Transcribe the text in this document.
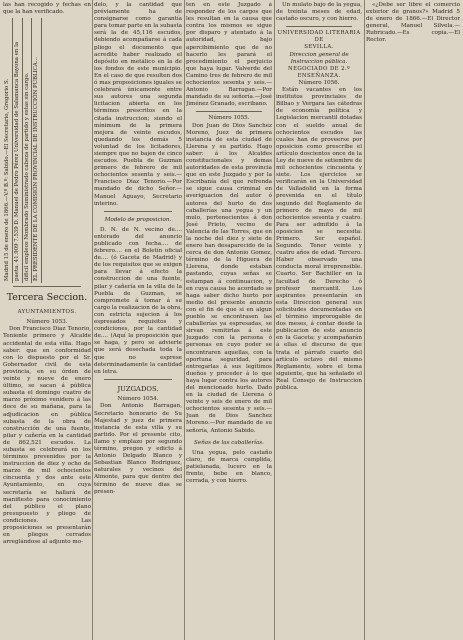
las han recogido y fechas en que la han verificado.

Madrid 15 de enero de 1866.—V.º B.º: Sabido.—El Secretario, Gregorio S.
paeta. 41.909 7.539 D. Manuel de Pedro Pérez Universidad de Salamanca Bayona en la
dificil empleos Nombrado Suministrado cabeza de partido y estas sin cargo.
EL PRESIDENTE DE LA COMISIÓN PROVINCIAL DE INSTRUCCIÓN PÚBLICA...
Tercera Seccion.
AYUNTAMIENTOS.
Número 1053.

Don Francisco Diaz Tenorio, Teniente primero y Alcalde accidental de esta villa. Hago saber: que en conformidad con lo dispuesto por el Sr. Gobernador civil de esta provincia, en su órden de veinte y nueve de enero último, se sacan á pública subasta el domingo cuatro de marzo próximo venidero á las doce de su mañana, para la adjudicacion en pública subasta de la obra de construcción de una fuente, pilar y cañería en la cantidad de 862,521 escudos. La subasta se celebrará en los términos prevenidos por la instruccion de diez y ocho de marzo de mil ochocientos cincuenta y dos ante este Ayuntamiento, en cuya secretaría se hallará de manifiesto para conocimiento del público el plano presupuesto y pliego de condiciones. Las proposiciones se presentarán en pliegos cerrados arreglándose al adjunto mo-

delo, y la cantidad que préviamente ha de consignarse como garantía para tomar parte en la subasta será la de 45,116 escudos, debiendo acompañarse á cada pliego el documento que acredite haber realizado el depósito en metálico en la de los fondos de este municipio. En el caso de que resulten dos ó mas proposiciones iguales se celebrará únicamente entre sus autores una segunda licitacion abierta en los términos prescritos en la citada instruccion; siendo el mínimum de la primera mejora de veinte escudos, quedando los demás 5 voluntad de los licitadores, siempre que no bajen de cinco escudos. Puebla de Guzman primero de febrero de mil ochocientos sesenta y seis.—Francisco Diaz Tenorio.—Por mandado de dicho Señor.—Manuel Aguayo, Secretario interino.

Modelo de proposicion.

D. N. de N. vecino de.... enterado del anuncio publicado con fecha.... de febrero.... en el Boletín oficial de.... (ó Gaceta de Madrid) y de los requisitos que se exigen para llevar á efecto la construccion de una fuente, pilar y cañería en la villa de la Puebla de Guzman, se compromete á tomar á su cargo la realizacion de la obra, con estricta sujecion á los espresados requisitos y condiciones, por la cantidad de.... (Aquí la proposición que se haga, y pero se advierte que será desechada toda la que no esprese determinadamente la cantidad en letra.

JUZGADOS.
Número 1054.

Don Antonio Barragan, Secretario honorario de Su Majestad y juez de primera instancia de esta villa y su partido. Por el presente cito, llamo y emplazo por segundo término, pregon y edicto á Antonio Delgado Blanco y Sebastian Blanco Rodriguez, naturales y vecinos del Almonte, para que dentro del término de nueve dias se presen-

ten en este Juzgado á responder de los cargos que les resultan en la causa que contra los mismos se sigue por disparo y atentado á la autoridad, bajo apercibimiento que de no hacerlo les parará el procedimiento el perjuicio que haya lugar. Valverde del Camino tres de febrero de mil ochocientos sesenta y seis.—Antonio Barragan.—Por mandado de su señoría.—José Jiménez Granado, escribano.

Número 1055.

Don Juan de Dios Sanchez Moreno, Juez de primera instancia de esta ciudad de Llerena y su partido. Hago saber: á los Alcaldes constitucionales y demas autoridades de esta provincia que en este Juzgado y por la Escribanía del que refrenda se sigue causa criminal en averiguacion del autor ó autores del hurto de dos caballerías una yegua y un mulo, pertenecientes á don José Prieto, vecino de Valencia de las Torres, que en la noche del diez y siete de enero han desaparecido de la cerca de don Antonio Gomez, término de la Higuera de Llerena, donde estaban pastando, cuyas señas se estampan á continuacion, y en cuya causa he acordado se haga saber dicho hurto por medio del presente anuncio con el fin de que si en algun pueblo se encontrasen las caballerías ya espresadas, se sirvan remitirlas á este Juzgado con la persona ó personas en cuyo poder se encontraren aquellas, con la oportuna seguridad, para entregarlas á sus legítimos dueños y proceder á lo que haya lugar contra los autores del mencionado hurto. Dado en la ciudad de Llerena ó veinte y seis de enero de mil ochocientos sesenta y seis.—Juan de Dios Sanchez Moreno.—Por mandado de su señoría, Antonio Sabido.

Señas de las caballerías.

Una yegua, pelo castaño claro, de marca cumplida, patielanada, lucero en la frente, bebe en blanco, cerrada, y con hierro.

Un mulato bajo de la yegua, de treinta meses de edad, castaño oscuro, y con hierro.

UNIVERSIDAD LITERARIA DE
SEVILLA.
Direccion general de Instruccion pública.
NEGOCIADO DE 2.º ENSEÑANZA.
Número 1056.

Están vacantes en los institutos provinciales de Bilbao y Vergara las cátedras de economía política y Legislacion mercantil dotadas con el sueldo anual de ochocientos escudos las cuales han de proveerse por oposicion como prescribe el artículo doscientos once de la Ley de nueve de setiembre de mil ochocientos cincuenta y siete. Los ejercicios se verificarán en la Universidad de Valladolid en la forma prevenida en el título segundo del Reglamento de primero de mayo de mil ochocientos sesenta y cuatro. Para ser admitido á la oposicion se necesita: Primero. Ser español. Segundo. Tener veinte y cuatro años de edad. Tercero. Haber observado una conducta moral irreprensible. Cuarto. Ser Bachiller en la facultad de Derecho ó profesor mercantil. Los aspirantes presentarán en esta Direccion general sus solicitudes documentadas en el término improrogable de dos meses, á contar desde la publicacion de este anuncio en la Gaceta; y acompañarán á ellas el discurso de que trata el párrafo cuarto del artículo octavo del mismo Reglamento, sobre el tema siguiente, que ha señalado el Real Consejo de Instruccion pública.

«¿Debe ser libre el comercio exterior de granos?» Madrid 5 de enero de 1866.—El Director general, Manuel Silvela.—Rubricado.—Es copia.—El Rector.
